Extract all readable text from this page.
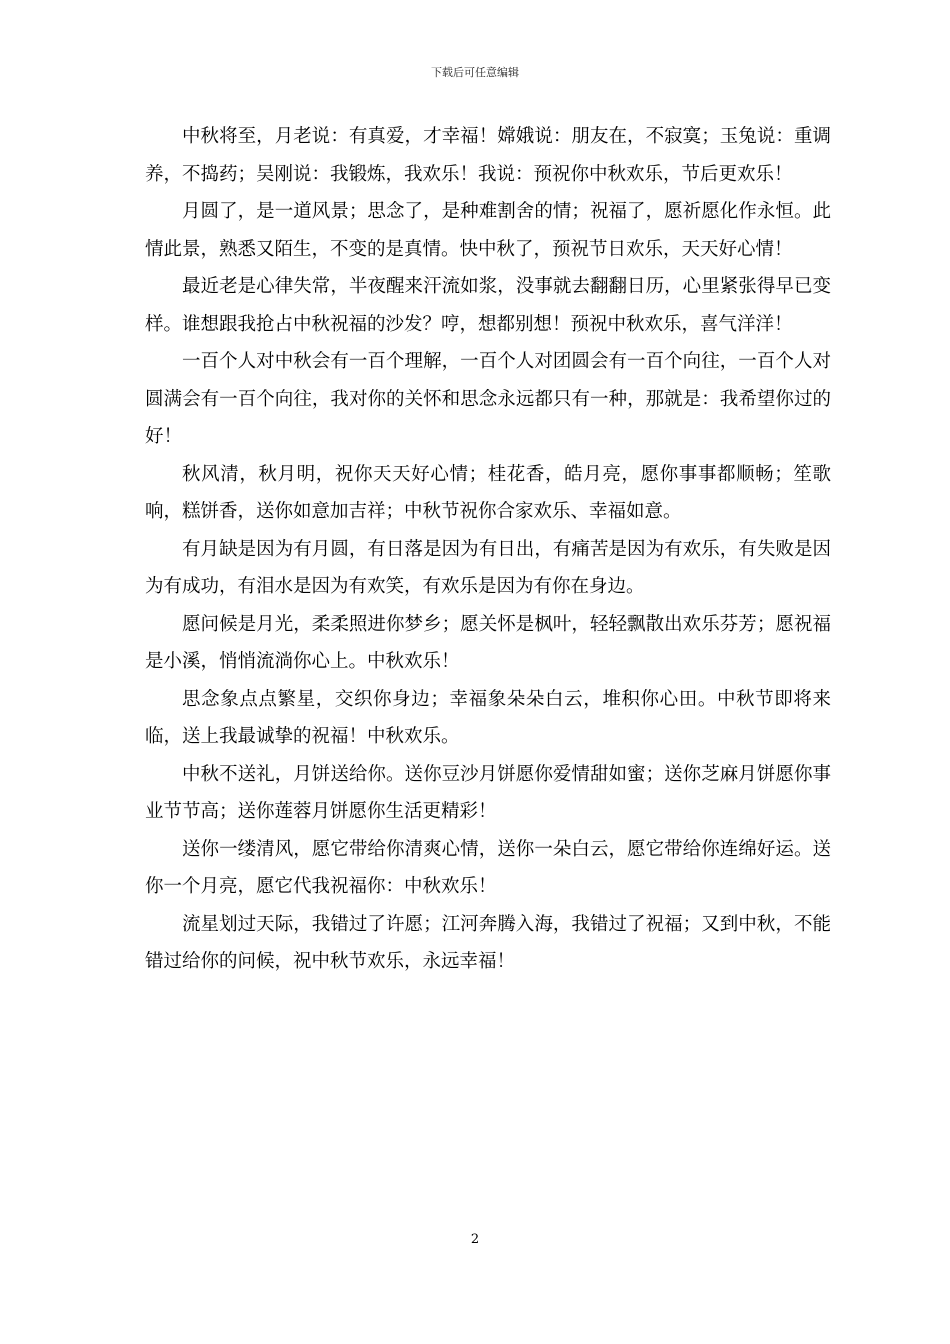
下载后可任意编辑

中秋将至，月老说：有真爱，才幸福！嫦娥说：朋友在，不寂寞；玉兔说：重调养，不捣药；吴刚说：我锻炼，我欢乐！我说：预祝你中秋欢乐，节后更欢乐！

月圆了，是一道风景；思念了，是种难割舍的情；祝福了，愿祈愿化作永恒。此情此景，熟悉又陌生，不变的是真情。快中秋了，预祝节日欢乐，天天好心情！

最近老是心律失常，半夜醒来汗流如浆，没事就去翻翻日历，心里紧张得早已变样。谁想跟我抢占中秋祝福的沙发？哼，想都别想！预祝中秋欢乐，喜气洋洋！

一百个人对中秋会有一百个理解，一百个人对团圆会有一百个向往，一百个人对圆满会有一百个向往，我对你的关怀和思念永远都只有一种，那就是：我希望你过的好！

秋风清，秋月明，祝你天天好心情；桂花香，皓月亮，愿你事事都顺畅；笙歌响，糕饼香，送你如意加吉祥；中秋节祝你合家欢乐、幸福如意。

有月缺是因为有月圆，有日落是因为有日出，有痛苦是因为有欢乐，有失败是因为有成功，有泪水是因为有欢笑，有欢乐是因为有你在身边。

愿问候是月光，柔柔照进你梦乡；愿关怀是枫叶，轻轻飘散出欢乐芬芳；愿祝福是小溪，悄悄流淌你心上。中秋欢乐！

思念象点点繁星，交织你身边；幸福象朵朵白云，堆积你心田。中秋节即将来临，送上我最诚挚的祝福！中秋欢乐。

中秋不送礼，月饼送给你。送你豆沙月饼愿你爱情甜如蜜；送你芝麻月饼愿你事业节节高；送你莲蓉月饼愿你生活更精彩！

送你一缕清风，愿它带给你清爽心情，送你一朵白云，愿它带给你连绵好运。送你一个月亮，愿它代我祝福你：中秋欢乐！

流星划过天际，我错过了许愿；江河奔腾入海，我错过了祝福；又到中秋，不能错过给你的问候，祝中秋节欢乐，永远幸福！

2
